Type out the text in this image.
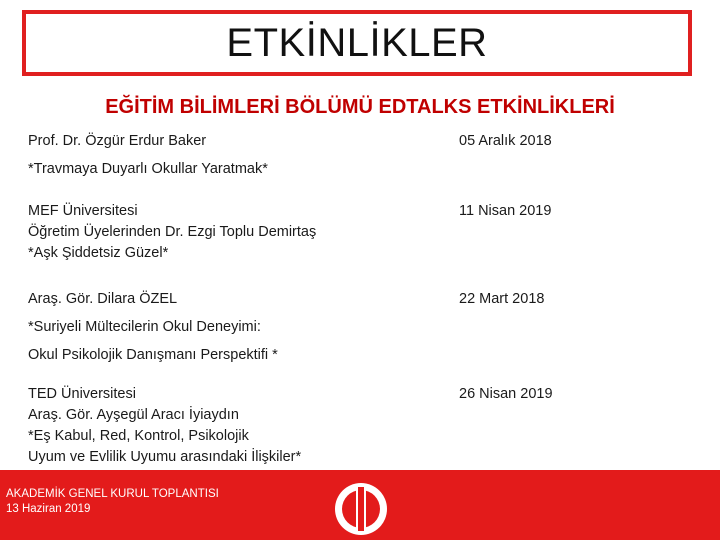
ETKİNLİKLER
EĞİTİM BİLİMLERİ BÖLÜMÜ EDTALKS ETKİNLİKLERİ
Prof. Dr. Özgür Erdur Baker
*Travmaya Duyarlı Okullar Yaratmak*
05 Aralık 2018
MEF Üniversitesi
Öğretim Üyelerinden Dr. Ezgi Toplu Demirtaş
*Aşk Şiddetsiz Güzel*
11 Nisan 2019
Araş. Gör. Dilara ÖZEL
*Suriyeli Mültecilerin Okul Deneyimi:
Okul Psikolojik Danışmanı Perspektifi *
22 Mart 2018
TED Üniversitesi
Araş. Gör. Ayşegül Aracı İyiaydın
*Eş Kabul, Red, Kontrol, Psikolojik
Uyum ve Evlilik Uyumu arasındaki İlişkiler*
26 Nisan 2019
AKADEMİK GENEL KURUL TOPLANTISI
13 Haziran 2019
